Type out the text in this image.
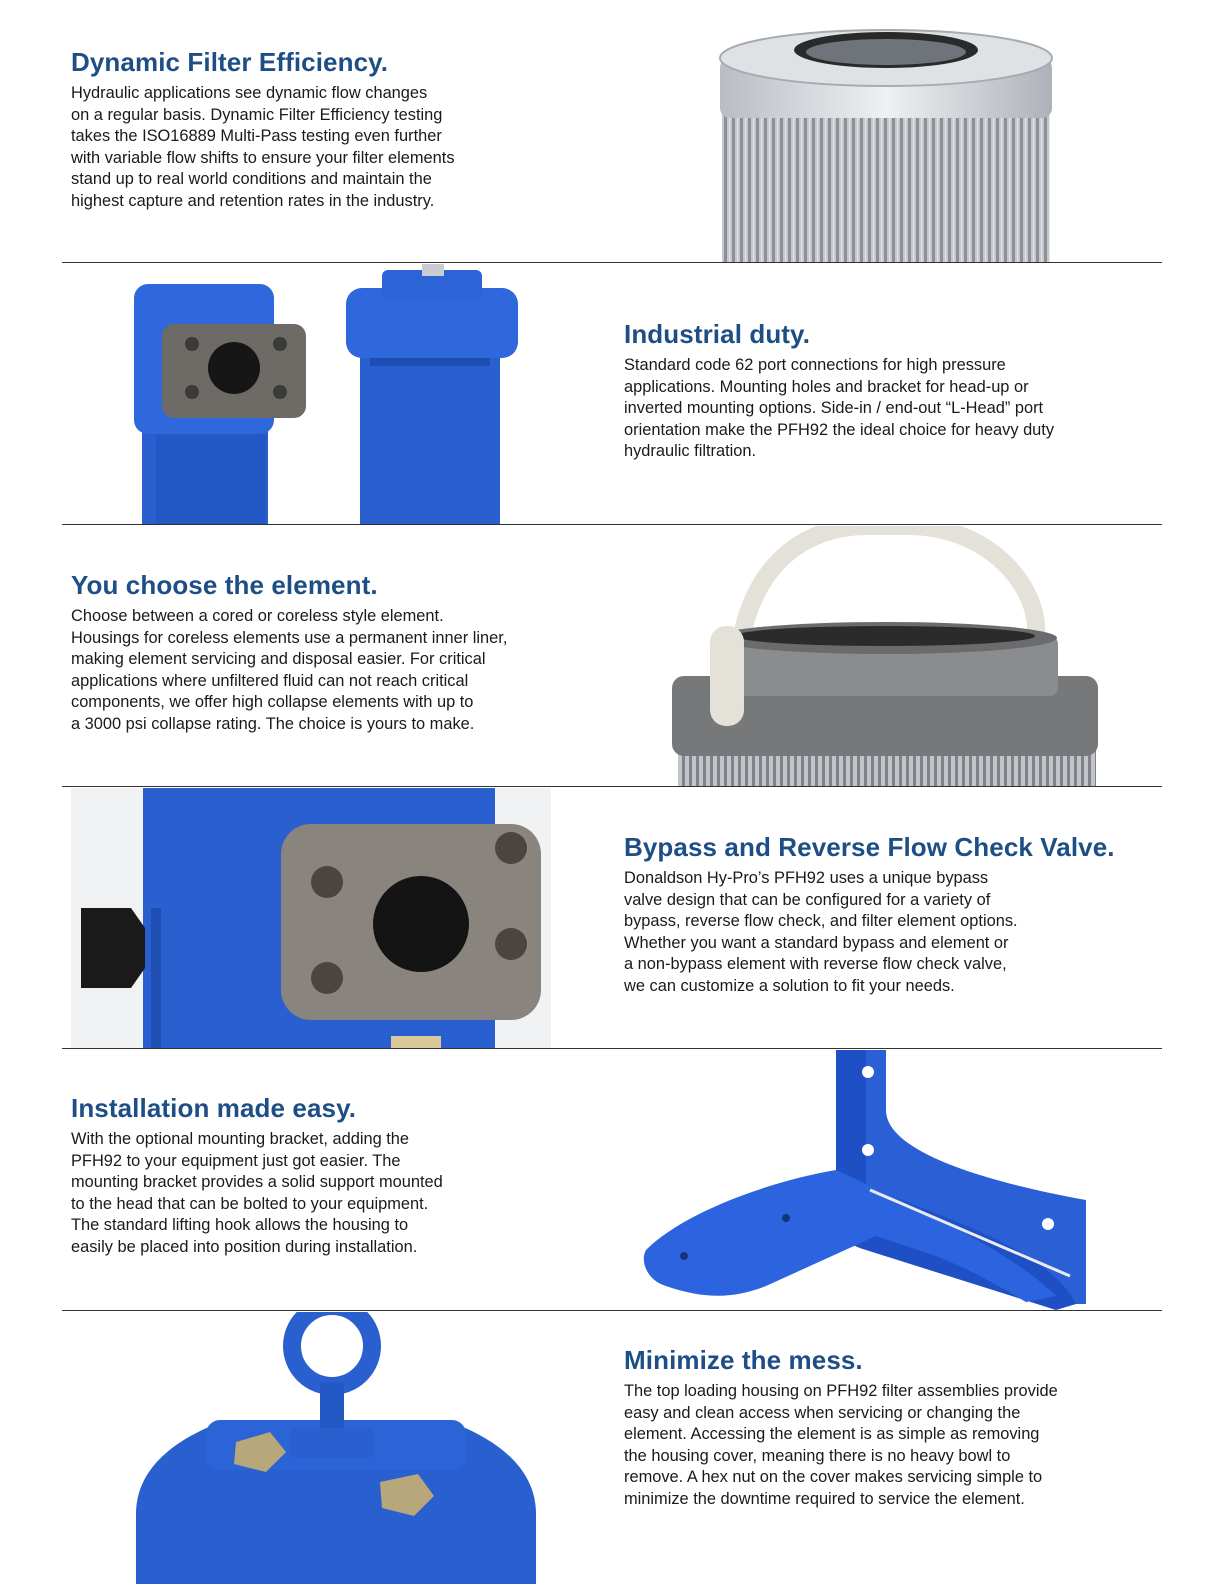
Dynamic Filter Efficiency.

Hydraulic applications see dynamic flow changes
on a regular basis. Dynamic Filter Efficiency testing
takes the ISO16889 Multi-Pass testing even further
with variable flow shifts to ensure your filter elements
stand up to real world conditions and maintain the
highest capture and retention rates in the industry.

Industrial duty.

Standard code 62 port connections for high pressure
applications. Mounting holes and bracket for head-up or
inverted mounting options. Side-in / end-out “L-Head” port
orientation make the PFH92 the ideal choice for heavy duty
hydraulic filtration.

You choose the element.

Choose between a cored or coreless style element.
Housings for coreless elements use a permanent inner liner,
making element servicing and disposal easier. For critical
applications where unfiltered fluid can not reach critical
components, we offer high collapse elements with up to
a 3000 psi collapse rating. The choice is yours to make.

Bypass and Reverse Flow Check Valve.

Donaldson Hy-Pro’s PFH92 uses a unique bypass
valve design that can be configured for a variety of
bypass, reverse flow check, and filter element options.
Whether you want a standard bypass and element or
a non-bypass element with reverse flow check valve,
we can customize a solution to fit your needs.

Installation made easy.

With the optional mounting bracket, adding the
PFH92 to your equipment just got easier. The
mounting bracket provides a solid support mounted
to the head that can be bolted to your equipment.
The standard lifting hook allows the housing to
easily be placed into position during installation.

Minimize the mess.

The top loading housing on PFH92 filter assemblies provide
easy and clean access when servicing or changing the
element. Accessing the element is as simple as removing
the housing cover, meaning there is no heavy bowl to
remove. A hex nut on the cover makes servicing simple to
minimize the downtime required to service the element.
